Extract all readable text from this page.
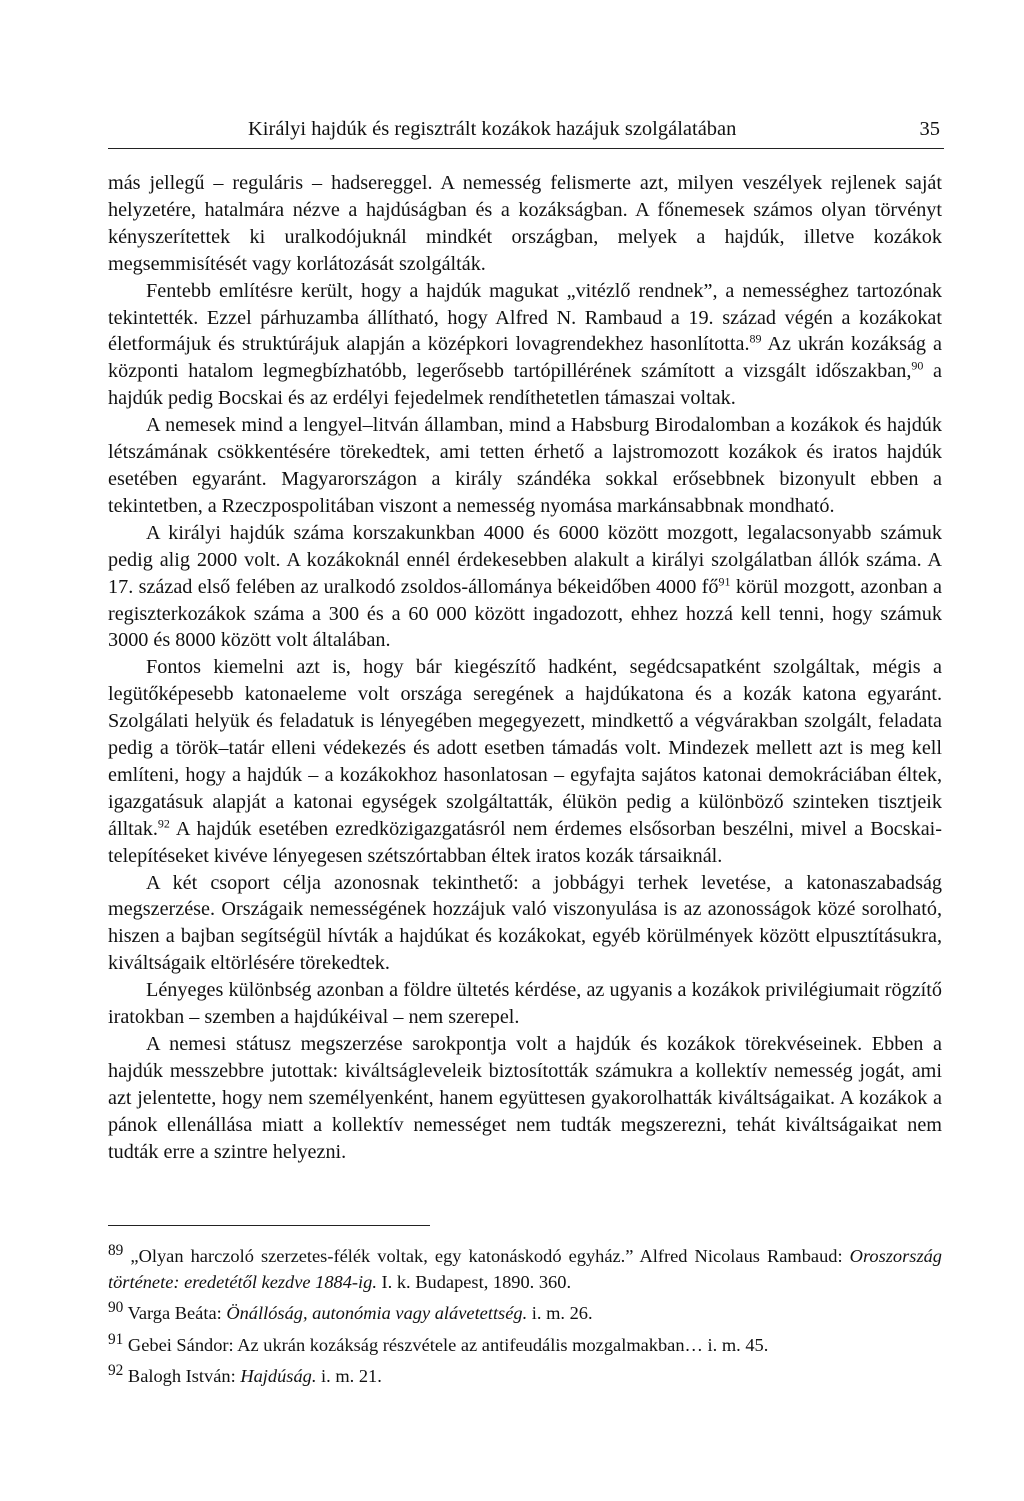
Királyi hajdúk és regisztrált kozákok hazájuk szolgálatában	35

más jellegű – reguláris – hadsereggel. A nemesség felismerte azt, milyen veszélyek rejlenek saját helyzetére, hatalmára nézve a hajdúságban és a kozákságban. A főnemesek számos olyan törvényt kényszerítettek ki uralkodójuknál mindkét országban, melyek a hajdúk, illetve kozákok megsemmisítését vagy korlátozását szolgálták.

Fentebb említésre került, hogy a hajdúk magukat „vitézlő rendnek”, a nemességhez tartozónak tekintették. Ezzel párhuzamba állítható, hogy Alfred N. Rambaud a 19. század végén a kozákokat életformájuk és struktúrájuk alapján a középkori lovagrendekhez hasonlította.$^{89}$ Az ukrán kozákság a központi hatalom legmegbízhatóbb, legerősebb tartópillérének számított a vizsgált időszakban,$^{90}$ a hajdúk pedig Bocskai és az erdélyi fejedelmek rendíthetetlen támaszai voltak.

A nemesek mind a lengyel–litván államban, mind a Habsburg Birodalomban a kozákok és hajdúk létszámának csökkentésére törekedtek, ami tetten érhető a lajstromozott kozákok és iratos hajdúk esetében egyaránt. Magyarországon a király szándéka sokkal erősebbnek bizonyult ebben a tekintetben, a Rzeczpospolitában viszont a nemesség nyomása markánsabbnak mondható.

A királyi hajdúk száma korszakunkban 4000 és 6000 között mozgott, legalacsonyabb számuk pedig alig 2000 volt. A kozákoknál ennél érdekesebben alakult a királyi szolgálatban állók száma. A 17. század első felében az uralkodó zsoldos-állománya békeidőben 4000 $fő^{91}$ körül mozgott, azonban a regiszterkozákok száma a 300 és a 60 000 között ingadozott, ehhez hozzá kell tenni, hogy számuk 3000 és 8000 között volt általában.

Fontos kiemelni azt is, hogy bár kiegészítő hadként, segédcsapatként szolgáltak, mégis a legütőképesebb katonaeleme volt országa seregének a hajdúkatona és a kozák katona egyaránt. Szolgálati helyük és feladatuk is lényegében megegyezett, mindkettő a végvárakban szolgált, feladata pedig a török–tatár elleni védekezés és adott esetben támadás volt. Mindezek mellett azt is meg kell említeni, hogy a hajdúk – a kozákokhoz hasonlatosan – egyfajta sajátos katonai demokráciában éltek, igazgatásuk alapját a katonai egységek szolgáltatták, élükön pedig a különböző szinteken tisztjeik álltak.$^{92}$ A hajdúk esetében ezredközigazgatásról nem érdemes elsősorban beszélni, mivel a Bocskai-telepítéseket kivéve lényegesen szétszórtabban éltek iratos kozák társaiknál.

A két csoport célja azonosnak tekinthető: a jobbágyi terhek levetése, a katonaszabadság megszerzése. Országaik nemességének hozzájuk való viszonyulása is az azonosságok közé sorolható, hiszen a bajban segítségül hívták a hajdúkat és kozákokat, egyéb körülmények között elpusztításukra, kiváltságaik eltörlésére törekedtek.

Lényeges különbség azonban a földre ültetés kérdése, az ugyanis a kozákok privilégiumait rögzítő iratokban – szemben a hajdúkéival – nem szerepel.

A nemesi státusz megszerzése sarokpontja volt a hajdúk és kozákok törekvéseinek. Ebben a hajdúk messzebbre jutottak: kiváltságleveleik biztosították számukra a kollektív nemesség jogát, ami azt jelentette, hogy nem személyenként, hanem együttesen gyakorolhatták kiváltságaikat. A kozákok a pánok ellenállása miatt a kollektív nemességet nem tudták megszerezni, tehát kiváltságaikat nem tudták erre a szintre helyezni.

$^{89}$ „Olyan harczoló szerzetes-félék voltak, egy katonáskodó egyház.” Alfred Nicolaus Rambaud: Oroszország története: eredetétől kezdve 1884-ig. I. k. Budapest, 1890. 360.

$^{90}$ Varga Beáta: Önállóság, autonómia vagy alávetettség. i. m. 26.

$^{91}$ Gebei Sándor: Az ukrán kozákság részvétele az antifeudális mozgalmakban… i. m. 45.

$^{92}$ Balogh István: Hajdúság. i. m. 21.
